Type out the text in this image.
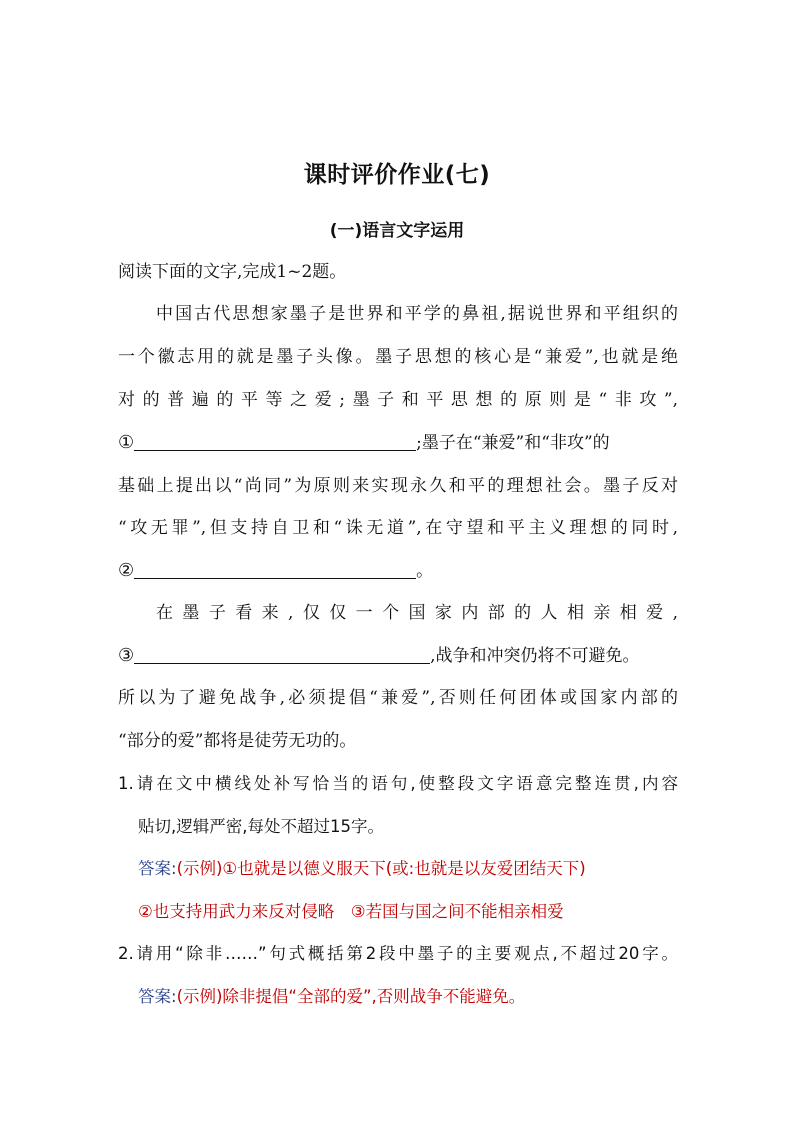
课时评价作业(七)
(一)语言文字运用
阅读下面的文字,完成1~2题。
中国古代思想家墨子是世界和平学的鼻祖,据说世界和平组织的
一个徽志用的就是墨子头像。墨子思想的核心是“兼爱”,也就是绝
对的普遍的平等之爱;墨子和平思想的原则是“非攻”,
①	;墨子在“兼爱”和“非攻”的
基础上提出以“尚同”为原则来实现永久和平的理想社会。墨子反对
“攻无罪”,但支持自卫和“诛无道”,在守望和平主义理想的同时,
②	。
在墨子看来,仅仅一个国家内部的人相亲相爱,
③	,战争和冲突仍将不可避免。
所以为了避免战争,必须提倡“兼爱”,否则任何团体或国家内部的
“部分的爱”都将是徒劳无功的。
1.请在文中横线处补写恰当的语句,使整段文字语意完整连贯,内容
贴切,逻辑严密,每处不超过15字。
答案:(示例)①也就是以德义服天下(或:也就是以友爱团结天下)
②也支持用武力来反对侵略　③若国与国之间不能相亲相爱
2.请用“除非……”句式概括第2段中墨子的主要观点,不超过20字。
答案:(示例)除非提倡“全部的爱”,否则战争不能避免。
